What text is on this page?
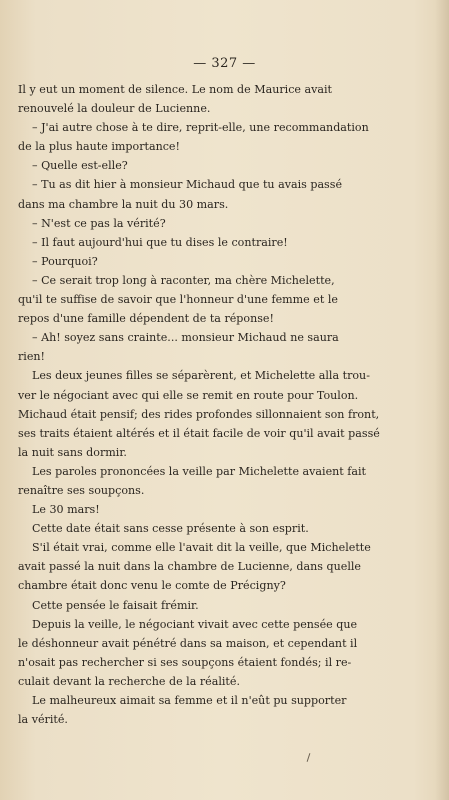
— 327 —

Il y eut un moment de silence. Le nom de Maurice avait

renouvelé la douleur de Lucienne.

– J'ai autre chose à te dire, reprit-elle, une recommandation

de la plus haute importance!

– Quelle est-elle?

– Tu as dit hier à monsieur Michaud que tu avais passé

dans ma chambre la nuit du 30 mars.

– N'est ce pas la vérité?

– Il faut aujourd'hui que tu dises le contraire!

– Pourquoi?

– Ce serait trop long à raconter, ma chère Michelette,

qu'il te suffise de savoir que l'honneur d'une femme et le

repos d'une famille dépendent de ta réponse!

– Ah! soyez sans crainte... monsieur Michaud ne saura

rien!

Les deux jeunes filles se séparèrent, et Michelette alla trou-

ver le négociant avec qui elle se remit en route pour Toulon.

Michaud était pensif; des rides profondes sillonnaient son front,

ses traits étaient altérés et il était facile de voir qu'il avait passé

la nuit sans dormir.

Les paroles prononcées la veille par Michelette avaient fait

renaître ses soupçons.

Le 30 mars!

Cette date était sans cesse présente à son esprit.

S'il était vrai, comme elle l'avait dit la veille, que Michelette

avait passé la nuit dans la chambre de Lucienne, dans quelle

chambre était donc venu le comte de Précigny?

Cette pensée le faisait frémir.

Depuis la veille, le négociant vivait avec cette pensée que

le déshonneur avait pénétré dans sa maison, et cependant il

n'osait pas rechercher si ses soupçons étaient fondés; il re-

culait devant la recherche de la réalité.

Le malheureux aimait sa femme et il n'eût pu supporter

la vérité.
